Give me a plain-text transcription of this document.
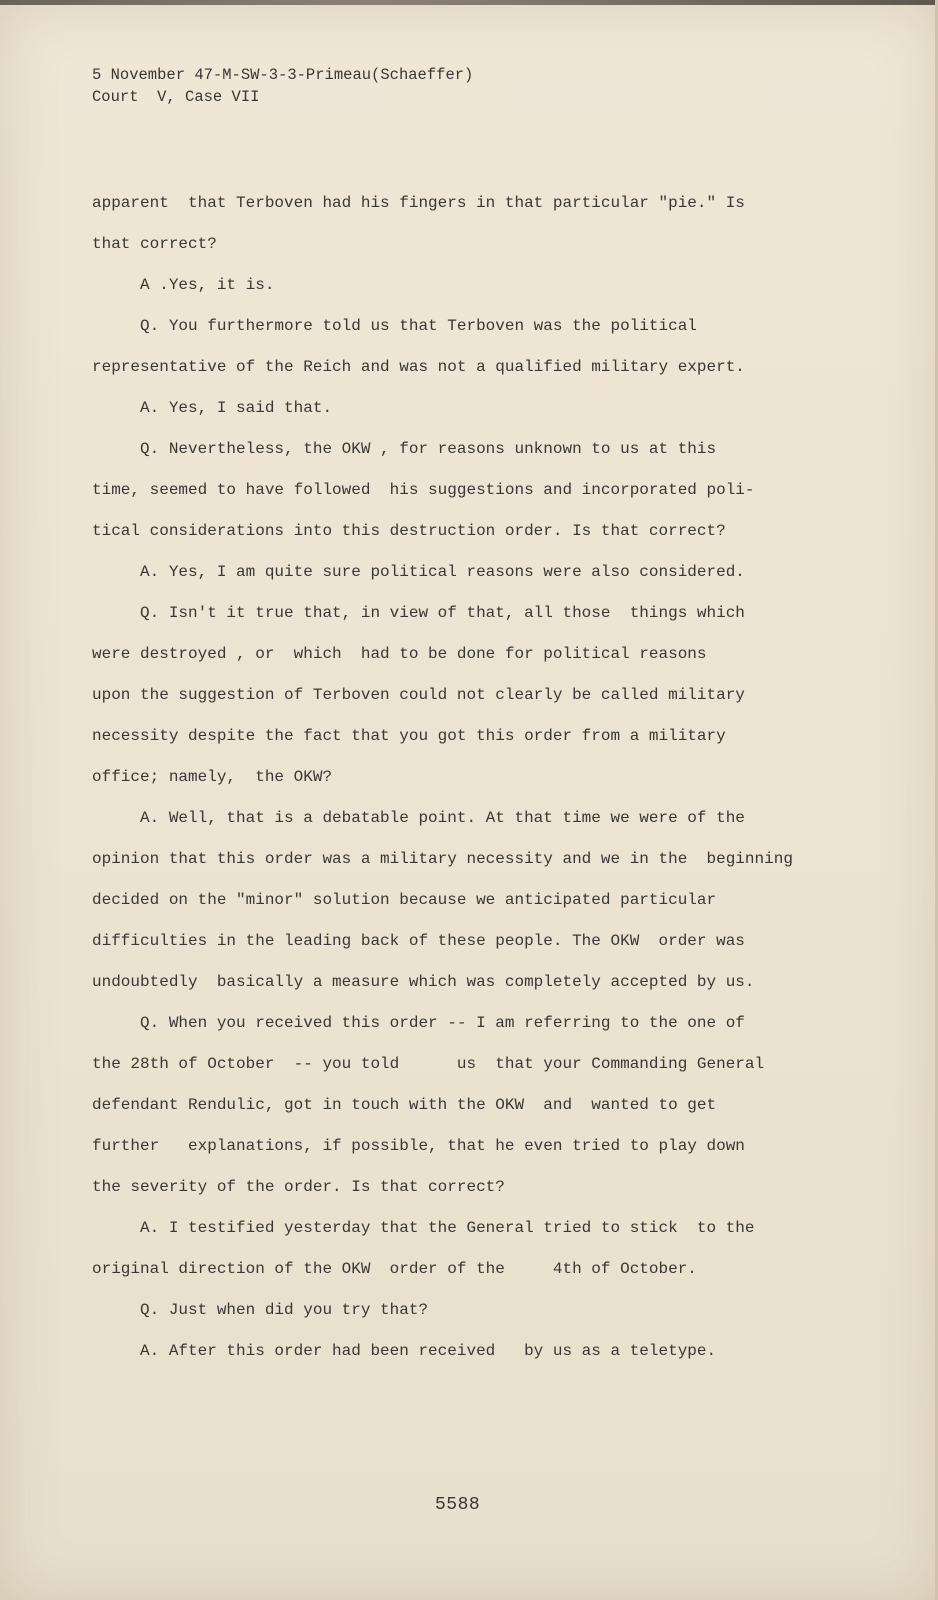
5 November 47-M-SW-3-3-Primeau(Schaeffer)
Court  V, Case VII
apparent  that Terboven had his fingers in that particular "pie." Is
that correct?
A .Yes, it is.
Q. You furthermore told us that Terboven was the political
representative of the Reich and was not a qualified military expert.
A. Yes, I said that.
Q. Nevertheless, the OKW , for reasons unknown to us at this
time, seemed to have followed  his suggestions and incorporated poli-
tical considerations into this destruction order. Is that correct?
A. Yes, I am quite sure political reasons were also considered.
Q. Isn't it true that, in view of that, all those  things which
were destroyed , or  which  had to be done for political reasons
upon the suggestion of Terboven could not clearly be called military
necessity despite the fact that you got this order from a military
office; namely,  the OKW?
A. Well, that is a debatable point. At that time we were of the
opinion that this order was a military necessity and we in the  beginning
decided on the "minor" solution because we anticipated particular
difficulties in the leading back of these people. The OKW  order was
undoubtedly  basically a measure which was completely accepted by us.
Q. When you received this order -- I am referring to the one of
the 28th of October  -- you told      us  that your Commanding General
defendant Rendulic, got in touch with the OKW  and  wanted to get
further   explanations, if possible, that he even tried to play down
the severity of the order. Is that correct?
A. I testified yesterday that the General tried to stick  to the
original direction of the OKW  order of the     4th of October.
Q. Just when did you try that?
A. After this order had been received   by us as a teletype.
5588
